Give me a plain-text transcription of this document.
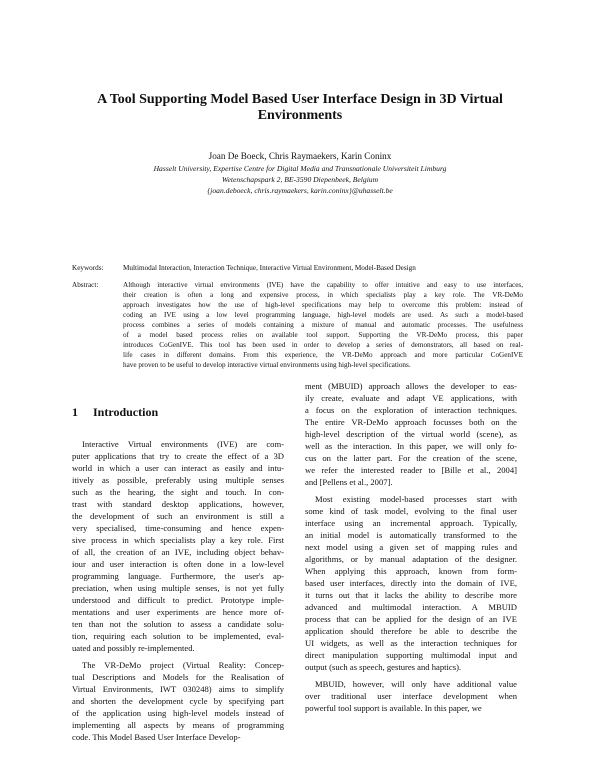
A Tool Supporting Model Based User Interface Design in 3D Virtual
Environments
Joan De Boeck, Chris Raymaekers, Karin Coninx
Hasselt University, Expertise Centre for Digital Media and Transnationale Universiteit Limburg
Wetenschapspark 2, BE-3590 Diepenbeek, Belgium
{joan.deboeck, chris.raymaekers, karin.coninx}@uhasselt.be
Keywords:	Multimodal Interaction, Interaction Technique, Interactive Virtual Environment, Model-Based Design
Abstract:	Although interactive virtual environments (IVE) have the capability to offer intuitive and easy to use interfaces,
their creation is often a long and expensive process, in which specialists play a key role. The VR-DeMo
approach investigates how the use of high-level specifications may help to overcome this problem: instead of
coding an IVE using a low level programming language, high-level models are used. As such a model-based
process combines a series of models containing a mixture of manual and automatic processes. The usefulness
of a model based process relies on available tool support. Supporting the VR-DeMo process, this paper
introduces CoGenIVE. This tool has been used in order to develop a series of demonstrators, all based on real-
life cases in different domains. From this experience, the VR-DeMo approach and more particular CoGenIVE
have proven to be useful to develop interactive virtual environments using high-level specifications.
1 Introduction

Interactive Virtual environments (IVE) are com-
puter applications that try to create the effect of a 3D
world in which a user can interact as easily and intu-
itively as possible, preferably using multiple senses
such as the hearing, the sight and touch. In con-
trast with standard desktop applications, however,
the development of such an environment is still a
very specialised, time-consuming and hence expen-
sive process in which specialists play a key role. First
of all, the creation of an IVE, including object behav-
iour and user interaction is often done in a low-level
programming language. Furthermore, the user's ap-
preciation, when using multiple senses, is not yet fully
understood and difficult to predict. Prototype imple-
mentations and user experiments are hence more of-
ten than not the solution to assess a candidate solu-
tion, requiring each solution to be implemented, eval-
uated and possibly re-implemented.

The VR-DeMo project (Virtual Reality: Concep-
tual Descriptions and Models for the Realisation of
Virtual Environments, IWT 030248) aims to simplify
and shorten the development cycle by specifying part
of the application using high-level models instead of
implementing all aspects by means of programming
code. This Model Based User Interface Develop-

ment (MBUID) approach allows the developer to eas-
ily create, evaluate and adapt VE applications, with
a focus on the exploration of interaction techniques.
The entire VR-DeMo approach focusses both on the
high-level description of the virtual world (scene), as
well as the interaction. In this paper, we will only fo-
cus on the latter part. For the creation of the scene,
we refer the interested reader to [Bille et al., 2004]
and [Pellens et al., 2007].

Most existing model-based processes start with
some kind of task model, evolving to the final user
interface using an incremental approach. Typically,
an initial model is automatically transformed to the
next model using a given set of mapping rules and
algorithms, or by manual adaptation of the designer.
When applying this approach, known from form-
based user interfaces, directly into the domain of IVE,
it turns out that it lacks the ability to describe more
advanced and multimodal interaction. A MBUID
process that can be applied for the design of an IVE
application should therefore be able to describe the
UI widgets, as well as the interaction techniques for
direct manipulation supporting multimodal input and
output (such as speech, gestures and haptics).

MBUID, however, will only have additional value
over traditional user interface development when
powerful tool support is available. In this paper, we
